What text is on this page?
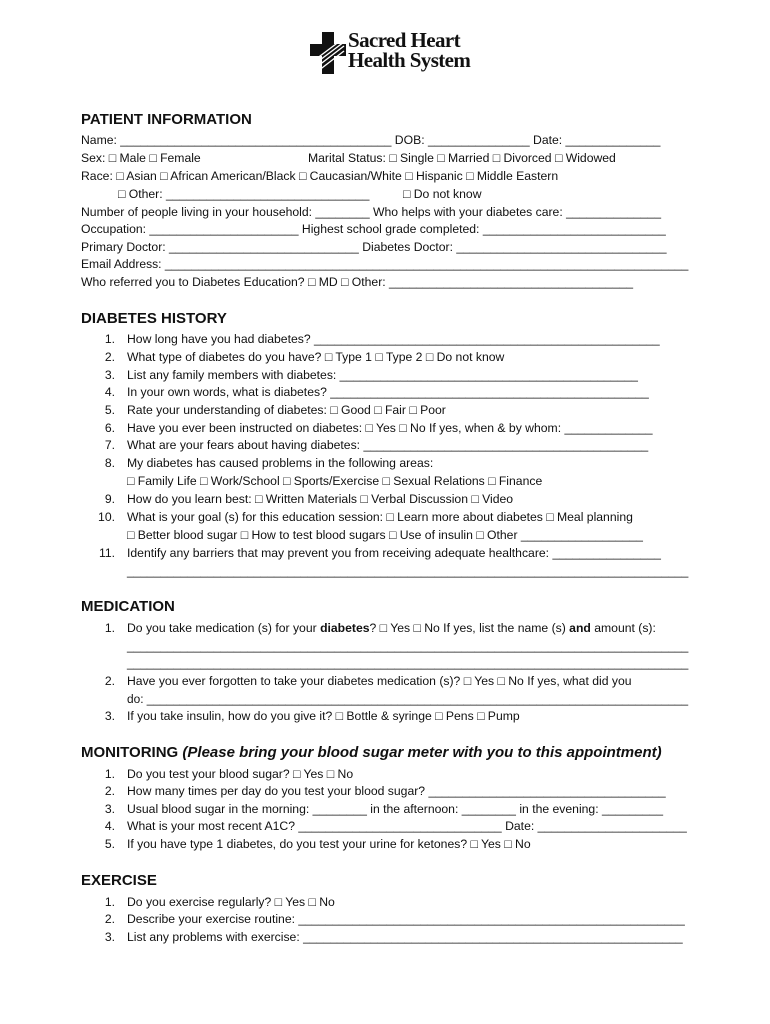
Sacred Heart
Health System
PATIENT INFORMATION
Name: ________________________________________ DOB: _______________ Date: ______________
Sex: □ Male □ Female	Marital Status: □ Single □ Married □ Divorced □ Widowed
Race: □ Asian □ African American/Black □ Caucasian/White □ Hispanic □ Middle Eastern
□ Other: ______________________________	□ Do not know
Number of people living in your household: ________ Who helps with your diabetes care: ______________
Occupation: ______________________ Highest school grade completed: ___________________________
Primary Doctor: ____________________________ Diabetes Doctor: _______________________________
Email Address: ______________________________________________________________________________
Who referred you to Diabetes Education? □ MD □ Other: ____________________________________
DIABETES HISTORY
1. How long have you had diabetes? ___________________________________________________
2. What type of diabetes do you have? □ Type 1 □ Type 2 □ Do not know
3. List any family members with diabetes: ____________________________________________
4. In your own words, what is diabetes? _______________________________________________
5. Rate your understanding of diabetes: □ Good □ Fair □ Poor
6. Have you ever been instructed on diabetes: □ Yes □ No If yes, when & by whom: _____________
7. What are your fears about having diabetes: __________________________________________
8. My diabetes has caused problems in the following areas:
□ Family Life □ Work/School □ Sports/Exercise □ Sexual Relations □ Finance
9. How do you learn best: □ Written Materials □ Verbal Discussion □ Video
10. What is your goal (s) for this education session: □ Learn more about diabetes □ Meal planning
□ Better blood sugar □ How to test blood sugars □ Use of insulin □ Other __________________
11. Identify any barriers that may prevent you from receiving adequate healthcare: ________________
____________________________________________________________________________________
MEDICATION
1. Do you take medication (s) for your diabetes? □ Yes □ No If yes, list the name (s) and amount (s):
____________________________________________________________________________________
____________________________________________________________________________________
2. Have you ever forgotten to take your diabetes medication (s)? □ Yes □ No If yes, what did you
do: __________________________________________________________________________________
3. If you take insulin, how do you give it? □ Bottle & syringe □ Pens □ Pump
MONITORING (Please bring your blood sugar meter with you to this appointment)
1. Do you test your blood sugar? □ Yes □ No
2. How many times per day do you test your blood sugar? ___________________________________
3. Usual blood sugar in the morning: ________ in the afternoon: ________ in the evening: _________
4. What is your most recent A1C? ______________________________ Date: ______________________
5. If you have type 1 diabetes, do you test your urine for ketones? □ Yes □ No
EXERCISE
1. Do you exercise regularly? □ Yes □ No
2. Describe your exercise routine: _________________________________________________________
3. List any problems with exercise: ________________________________________________________
